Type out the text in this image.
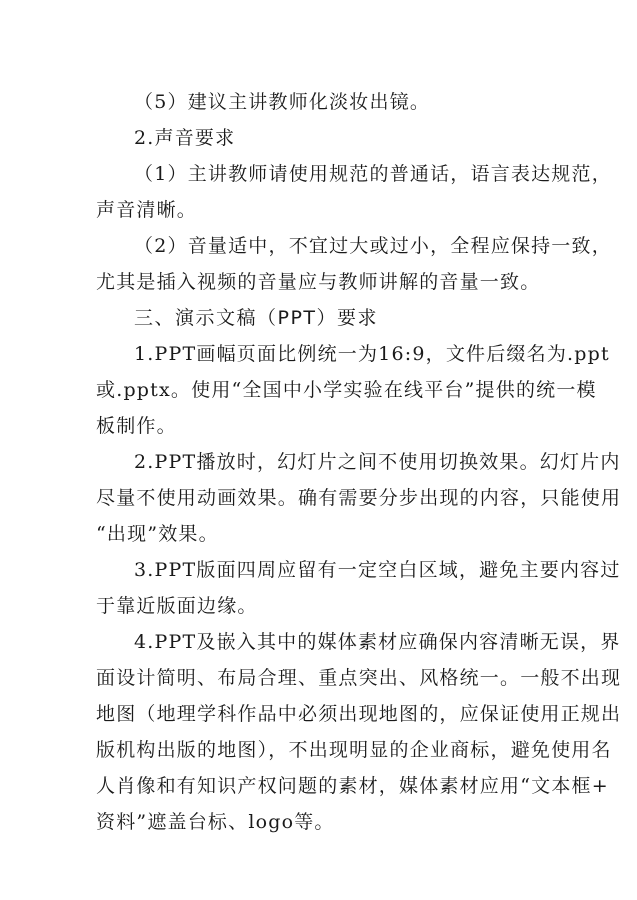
（5）建议主讲教师化淡妆出镜。

2.声音要求

（1）主讲教师请使用规范的普通话，语言表达规范，
声音清晰。

（2）音量适中，不宜过大或过小，全程应保持一致，
尤其是插入视频的音量应与教师讲解的音量一致。

三、演示文稿（PPT）要求

1.PPT画幅页面比例统一为16:9，文件后缀名为.ppt
或.pptx。使用“全国中小学实验在线平台”提供的统一模
板制作。

2.PPT播放时，幻灯片之间不使用切换效果。幻灯片内
尽量不使用动画效果。确有需要分步出现的内容，只能使用
“出现”效果。

3.PPT版面四周应留有一定空白区域，避免主要内容过
于靠近版面边缘。

4.PPT及嵌入其中的媒体素材应确保内容清晰无误，界
面设计简明、布局合理、重点突出、风格统一。一般不出现
地图（地理学科作品中必须出现地图的，应保证使用正规出
版机构出版的地图），不出现明显的企业商标，避免使用名
人肖像和有知识产权问题的素材，媒体素材应用“文本框+
资料”遮盖台标、logo等。
